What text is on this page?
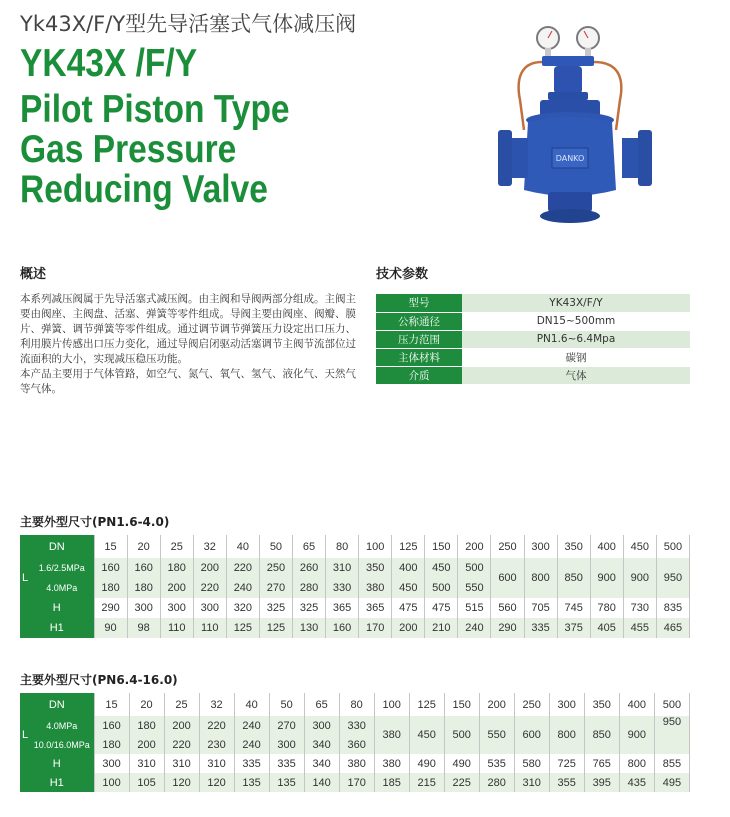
Yk43X/F/Y型先导活塞式气体减压阀
YK43X /F/Y
Pilot Piston Type
Gas Pressure
Reducing Valve
DANKO
概述

本系列减压阀属于先导活塞式减压阀。由主阀和导阀两部分组成。主阀主要由阀座、主阀盘、活塞、弹簧等零件组成。导阀主要由阀座、阀瓣、膜片、弹簧、调节弹簧等零件组成。通过调节调节弹簧压力设定出口压力、利用膜片传感出口压力变化，通过导阀启闭驱动活塞调节主阀节流部位过流面积的大小，实现减压稳压功能。

本产品主要用于气体管路，如空气、氮气、氧气、氢气、液化气、天然气等气体。

技术参数
型号	YK43X/F/Y
公称通径	DN15~500mm
压力范围	PN1.6~6.4Mpa
主体材料	碳钢
介质	气体
主要外型尺寸(PN1.6-4.0)
DN		15	20	25	32	40	50	65	80	100	125	150	200	250	300	350	400	450	500
L	1.6/2.5MPa	160	160	180	200	220	250	260	310	350	400	450	500	600	800	850	900	900	950
	4.0MPa	180	180	200	220	240	270	280	330	380	450	500	550						
H		290	300	300	300	320	325	325	365	365	475	475	515	560	705	745	780	730	835
H1		90	98	110	110	125	125	130	160	170	200	210	240	290	335	375	405	455	465
主要外型尺寸(PN6.4-16.0)
DN		15	20	25	32	40	50	65	80	100	125	150	200	250	300	350	400	500
L	4.0MPa	160	180	200	220	240	270	300	330	380	450	500	550	600	800	850	900	950
	10.0/16.0MPa	180	200	220	230	240	300	340	360									
H		300	310	310	310	335	335	340	380	380	490	490	535	580	725	765	800	855
H1		100	105	120	120	135	135	140	170	185	215	225	280	310	355	395	435	495
